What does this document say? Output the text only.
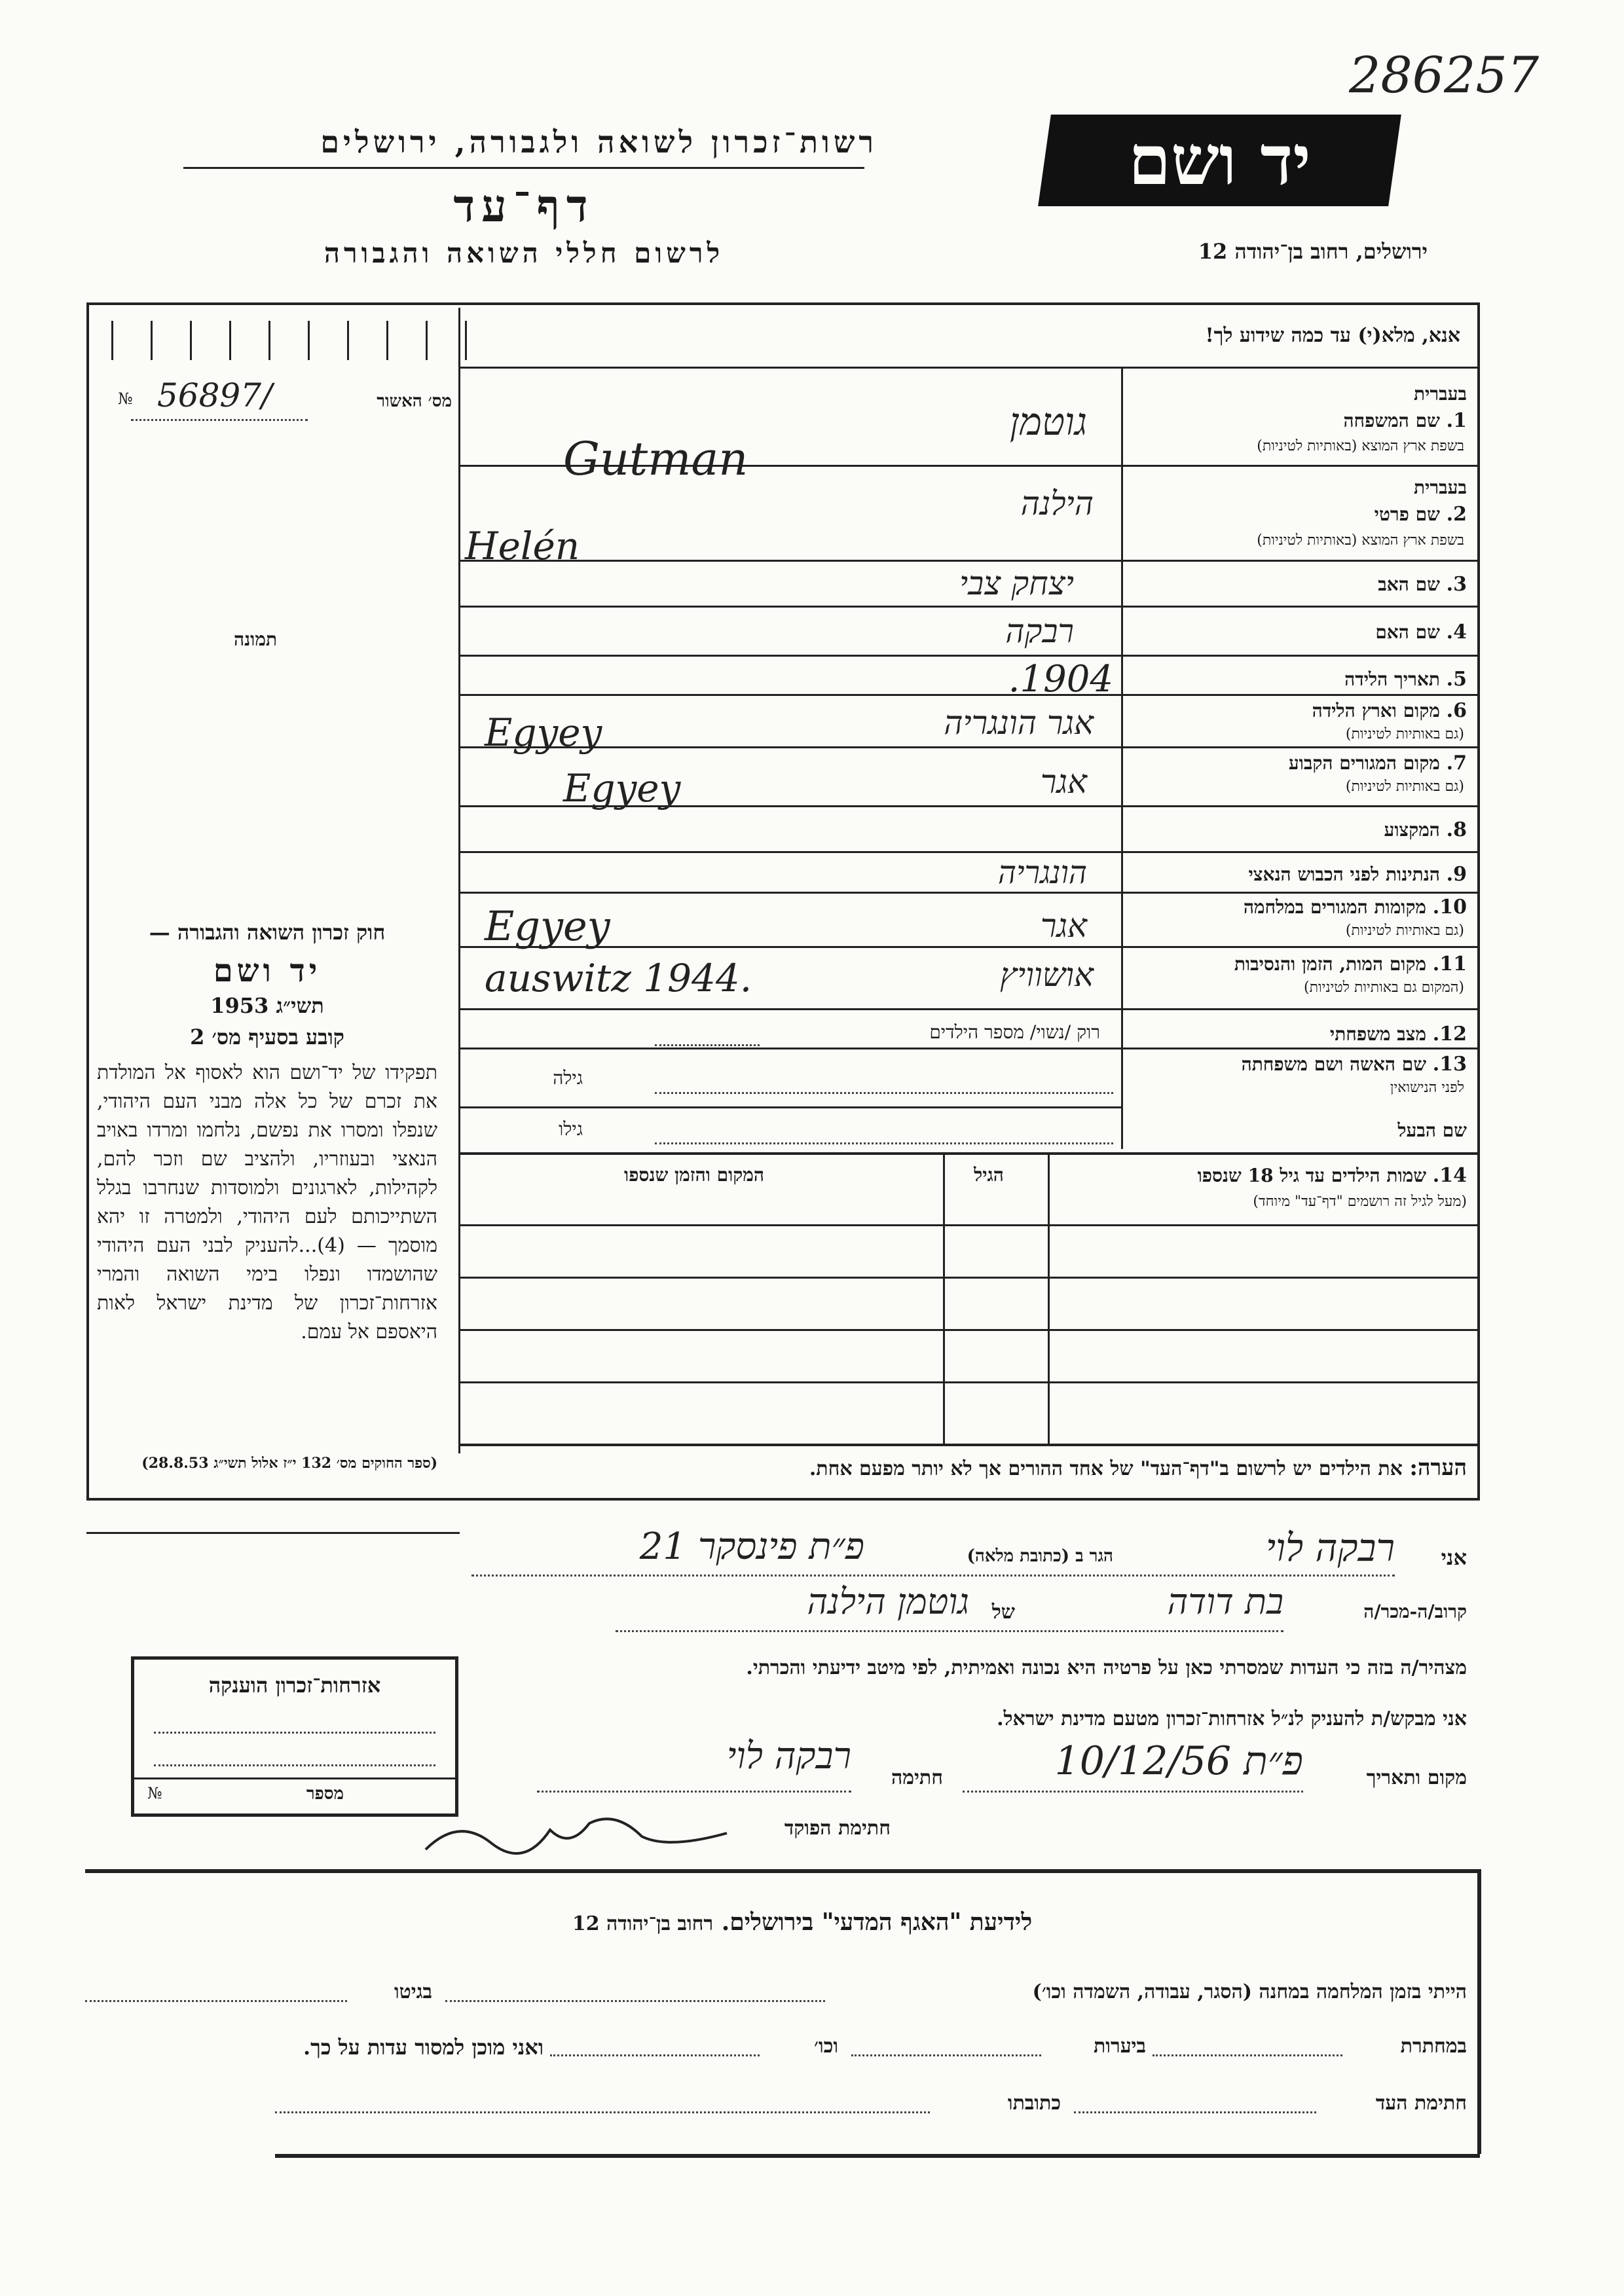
286257
רשות־זכרון לשואה ולגבורה, ירושלים
דף־עד
לרשום חללי השואה והגבורה
יד ושם
ירושלים, רחוב בן־יהודה 12
אנא, מלא(י) עד כמה שידוע לך!
№ 56897/	מס׳ האשור
תמונה
בעברית
1. שם המשפחה
בשפת ארץ המוצא (באותיות לטיניות)
גוטמן
Gutman
בעברית
2. שם פרטי
בשפת ארץ המוצא (באותיות לטיניות)
הילנה
Helén
3. שם האב
יצחק צבי
4. שם האם
רבקה
5. תאריך הלידה
1904.
6. מקום וארץ הלידה
(גם באותיות לטיניות)
אגר הונגריה
Egyey
7. מקום המגורים הקבוע
(גם באותיות לטיניות)
אגר
Egyey
8. המקצוע
9. הנתינות לפני הכבוש הנאצי
הונגריה
10. מקומות המגורים במלחמה
(גם באותיות לטיניות)
אגר
Egyey
11. מקום המות, הזמן והנסיבות
(המקום גם באותיות לטיניות)
אושוויץ
auswitz 1944.
12. מצב משפחתי
רוק /נשוי/ מספר הילדים
13. שם האשה ושם משפחתה
לפני הנישואין
גילה
שם הבעל
גילו
14. שמות הילדים עד גיל 18 שנספו
(מעל לגיל זה רושמים "דף־עד" מיוחד)
הגיל
המקום והזמן שנספו
הערה: את הילדים יש לרשום ב"דף־העד" של אחד ההורים אך לא יותר מפעם אחת.
חוק זכרון השואה והגבורה —
יד ושם
תשי״ג 1953
קובע בסעיף מס׳ 2
תפקידו של יד־ושם הוא לאסוף אל המולדת את זכרם של כל אלה מבני העם היהודי, שנפלו ומסרו את נפשם, נלחמו ומרדו באויב הנאצי ובעוזריו, ולהציב שם וזכר להם, לקהילות, לארגונים ולמוסדות שנחרבו בגלל השתייכותם לעם היהודי, ולמטרה זו יהא מוסמך — (4)...להעניק לבני העם היהודי שהושמדו ונפלו בימי השואה והמרי אזרחות־זכרון של מדינת ישראל לאות היאספם אל עמם.
(ספר החוקים מס׳ 132 י״ז אלול תשי״ג 28.8.53)
אני
רבקה לוי
הגר ב (כתובת מלאה)
פ״ת פינסקר 21
קרוב/ה-מכר/ה
בת דודה
של
גוטמן הילנה
מצהיר/ה בזה כי העדות שמסרתי כאן על פרטיה היא נכונה ואמיתית, לפי מיטב ידיעתי והכרתי.
אני מבקש/ת להעניק לנ״ל אזרחות־זכרון מטעם מדינת ישראל.
מקום ותאריך
פ״ת 10/12/56
חתימה
רבקה לוי
חתימת הפוקד
אזרחות־זכרון הוענקה
№	מספר
לידיעת "האגף המדעי" בירושלים. רחוב בן־יהודה 12
הייתי בזמן המלחמה במחנה (הסגר, עבודה, השמדה וכו׳)
בגיטו
במחתרת
ביערות
וכו׳
ואני מוכן למסור עדות על כך.
חתימת העד
כתובתו
